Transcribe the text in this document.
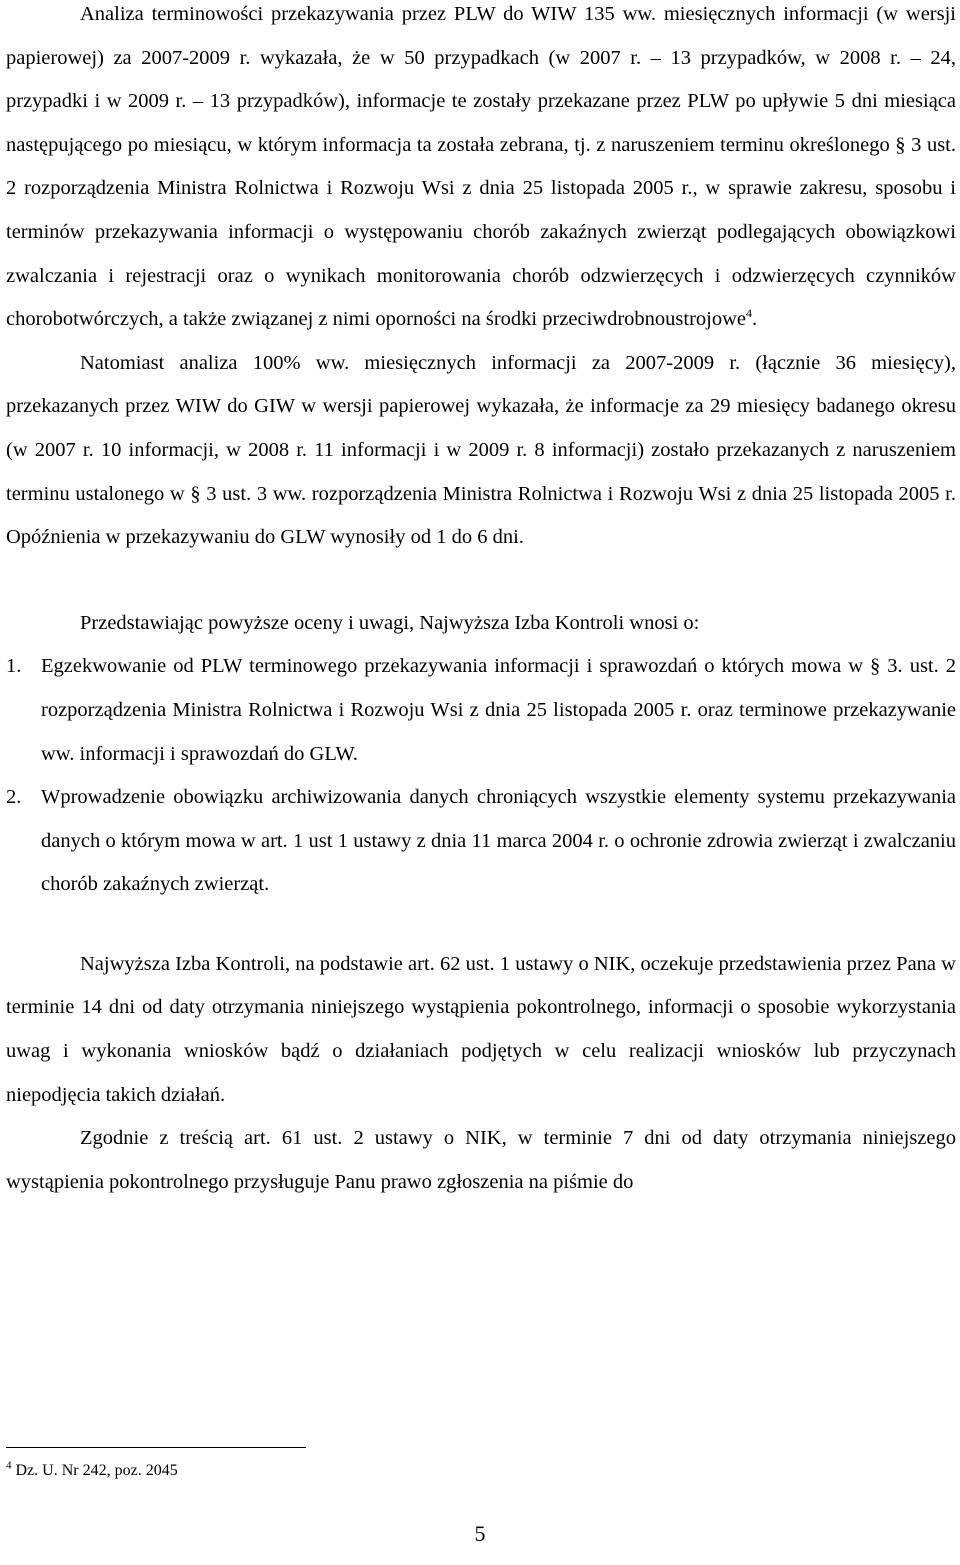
Analiza terminowości przekazywania przez PLW do WIW 135 ww. miesięcznych informacji (w wersji papierowej) za 2007-2009 r. wykazała, że w 50 przypadkach (w 2007 r. – 13 przypadków, w 2008 r. – 24, przypadki i w 2009 r. – 13 przypadków), informacje te zostały przekazane przez PLW po upływie 5 dni miesiąca następującego po miesiącu, w którym informacja ta została zebrana, tj. z naruszeniem terminu określonego § 3 ust. 2 rozporządzenia Ministra Rolnictwa i Rozwoju Wsi z dnia 25 listopada 2005 r., w sprawie zakresu, sposobu i terminów przekazywania informacji o występowaniu chorób zakaźnych zwierząt podlegających obowiązkowi zwalczania i rejestracji oraz o wynikach monitorowania chorób odzwierzęcych i odzwierzęcych czynników chorobotwórczych, a także związanej z nimi oporności na środki przeciwdrobnoustrojowe$^4$.

Natomiast analiza 100% ww. miesięcznych informacji za 2007-2009 r. (łącznie 36 miesięcy), przekazanych przez WIW do GIW w wersji papierowej wykazała, że informacje za 29 miesięcy badanego okresu (w 2007 r. 10 informacji, w 2008 r. 11 informacji i w 2009 r. 8 informacji) zostało przekazanych z naruszeniem terminu ustalonego w § 3 ust. 3 ww. rozporządzenia Ministra Rolnictwa i Rozwoju Wsi z dnia 25 listopada 2005 r. Opóźnienia w przekazywaniu do GLW wynosiły od 1 do 6 dni.

Przedstawiając powyższe oceny i uwagi, Najwyższa Izba Kontroli wnosi o:

1. Egzekwowanie od PLW terminowego przekazywania informacji i sprawozdań o których mowa w § 3. ust. 2 rozporządzenia Ministra Rolnictwa i Rozwoju Wsi z dnia 25 listopada 2005 r. oraz terminowe przekazywanie ww. informacji i sprawozdań do GLW.
2. Wprowadzenie obowiązku archiwizowania danych chroniących wszystkie elementy systemu przekazywania danych o którym mowa w art. 1 ust 1 ustawy z dnia 11 marca 2004 r. o ochronie zdrowia zwierząt i zwalczaniu chorób zakaźnych zwierząt.

Najwyższa Izba Kontroli, na podstawie art. 62 ust. 1 ustawy o NIK, oczekuje przedstawienia przez Pana w terminie 14 dni od daty otrzymania niniejszego wystąpienia pokontrolnego, informacji o sposobie wykorzystania uwag i wykonania wniosków bądź o działaniach podjętych w celu realizacji wniosków lub przyczynach niepodjęcia takich działań.

Zgodnie z treścią art. 61 ust. 2 ustawy o NIK, w terminie 7 dni od daty otrzymania niniejszego wystąpienia pokontrolnego przysługuje Panu prawo zgłoszenia na piśmie do

$^4$ Dz. U. Nr 242, poz. 2045
5
